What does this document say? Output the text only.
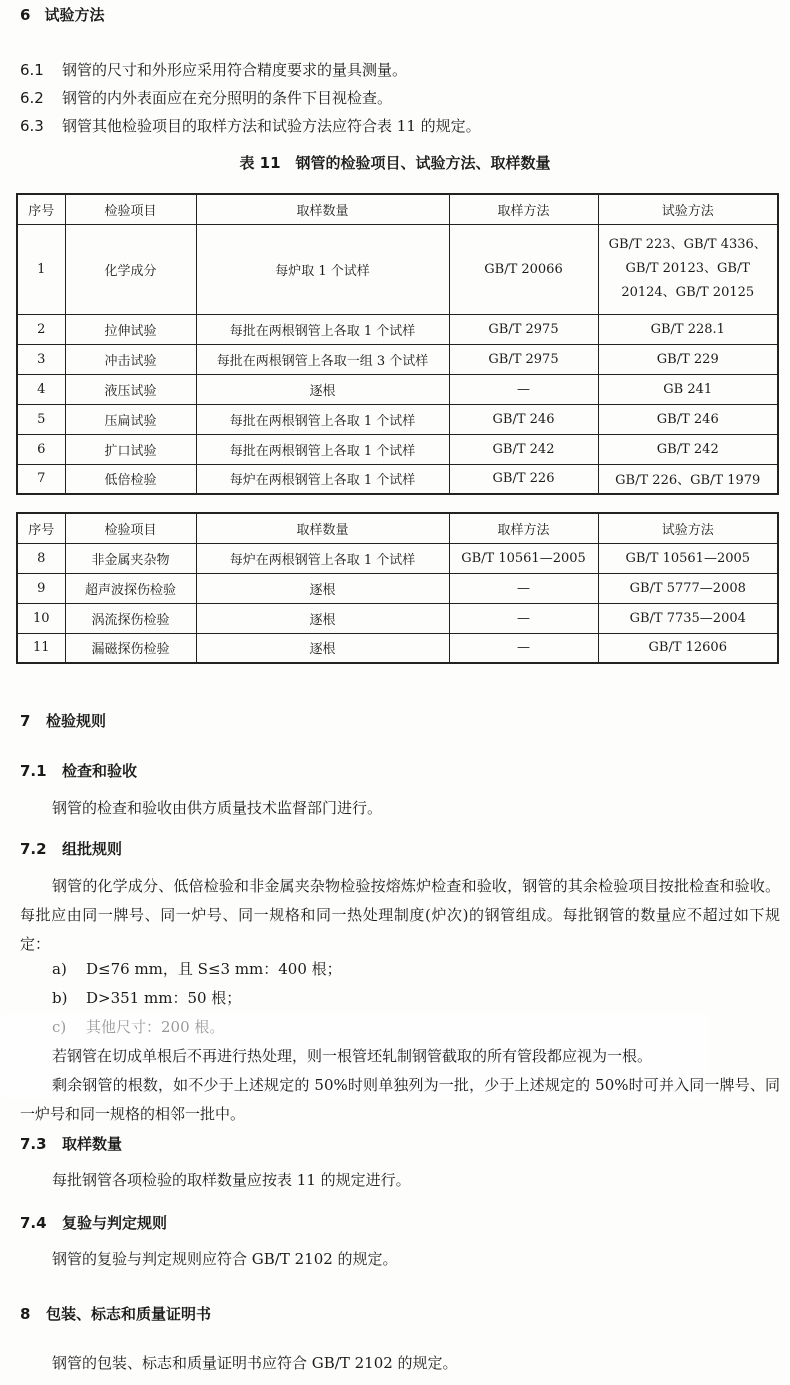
6 试验方法
6.1 钢管的尺寸和外形应采用符合精度要求的量具测量。
6.2 钢管的内外表面应在充分照明的条件下目视检查。
6.3 钢管其他检验项目的取样方法和试验方法应符合表 11 的规定。
表 11　钢管的检验项目、试验方法、取样数量
序号	检验项目	取样数量	取样方法	试验方法
1	化学成分	每炉取 1 个试样	GB/T 20066	GB/T 223、GB/T 4336、GB/T 20123、GB/T 20124、GB/T 20125
2	拉伸试验	每批在两根钢管上各取 1 个试样	GB/T 2975	GB/T 228.1
3	冲击试验	每批在两根钢管上各取一组 3 个试样	GB/T 2975	GB/T 229
4	液压试验	逐根	—	GB 241
5	压扁试验	每批在两根钢管上各取 1 个试样	GB/T 246	GB/T 246
6	扩口试验	每批在两根钢管上各取 1 个试样	GB/T 242	GB/T 242
7	低倍检验	每炉在两根钢管上各取 1 个试样	GB/T 226	GB/T 226、GB/T 1979
序号	检验项目	取样数量	取样方法	试验方法
8	非金属夹杂物	每炉在两根钢管上各取 1 个试样	GB/T 10561—2005	GB/T 10561—2005
9	超声波探伤检验	逐根	—	GB/T 5777—2008
10	涡流探伤检验	逐根	—	GB/T 7735—2004
11	漏磁探伤检验	逐根	—	GB/T 12606
7 检验规则
7.1 检查和验收
钢管的检查和验收由供方质量技术监督部门进行。
7.2 组批规则
钢管的化学成分、低倍检验和非金属夹杂物检验按熔炼炉检查和验收，钢管的其余检验项目按批检查和验收。每批应由同一牌号、同一炉号、同一规格和同一热处理制度(炉次)的钢管组成。每批钢管的数量应不超过如下规定：
a) D≤76 mm，且 S≤3 mm：400 根；
b) D>351 mm：50 根；
若钢管在切成单根后不再进行热处理，则一根管坯轧制钢管截取的所有管段都应视为一根。
剩余钢管的根数，如不少于上述规定的 50%时则单独列为一批，少于上述规定的 50%时可并入同一牌号、同一炉号和同一规格的相邻一批中。
7.3 取样数量
每批钢管各项检验的取样数量应按表 11 的规定进行。
7.4 复验与判定规则
钢管的复验与判定规则应符合 GB/T 2102 的规定。
8 包装、标志和质量证明书
钢管的包装、标志和质量证明书应符合 GB/T 2102 的规定。
